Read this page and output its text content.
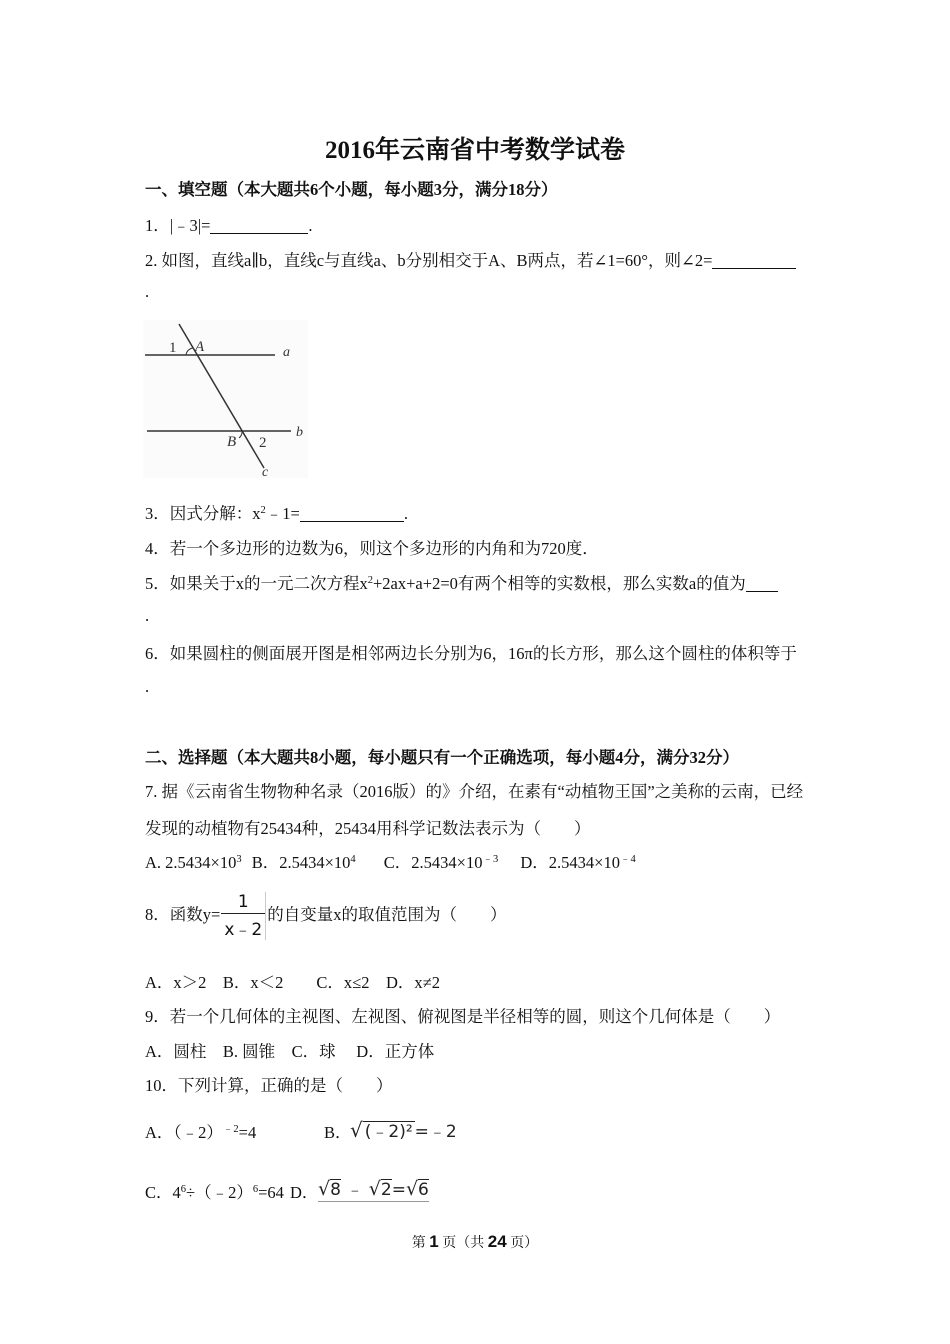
2016年云南省中考数学试卷
一、填空题（本大题共6个小题，每小题3分，满分18分）
1．|﹣3|=	.
2. 如图，直线a∥b，直线c与直线a、b分别相交于A、B两点，若∠1=60°，则∠2=
.
1 A	a
B 2
b
c
3．因式分解：$x^2﹣1=$	.
4．若一个多边形的边数为6，则这个多边形的内角和为720度．
5．如果关于x的一元二次方程$x^2+2ax+a+2=0$有两个相等的实数根，那么实数a的值为
.
6．如果圆柱的侧面展开图是相邻两边长分别为6，16π的长方形，那么这个圆柱的体积等于
.
二、选择题（本大题共8小题，每小题只有一个正确选项，每小题4分，满分32分）
7. 据《云南省生物物种名录（2016版）的》介绍，在素有“动植物王国”之美称的云南，已经
发现的动植物有25434种，25434用科学记数法表示为（　　）
A. $2.5434\times 10^3$ B．$2.5434\times 10^4$ C．$2.5434\times 10^{﹣3}$ D．$2.5434\times 10^{﹣4}$
8．函数$y= \frac{1}{x﹣2}$ 的自变量x的取值范围为（　　）
A．x＞2　B．x＜2　　C．x≤2　D．x≠2
9．若一个几何体的主视图、左视图、俯视图是半径相等的圆，则这个几何体是（　　）
A．圆柱　B. 圆锥　C．球　 D．正方体
10．下列计算，正确的是（　　）
A．（﹣2）$^{﹣2}$=4	B．
√ (﹣2)² =﹣2
C．$4^6\div(﹣2)^6=64$ D． √8 ﹣ √2=√6
第 1 页（共 24 页）
